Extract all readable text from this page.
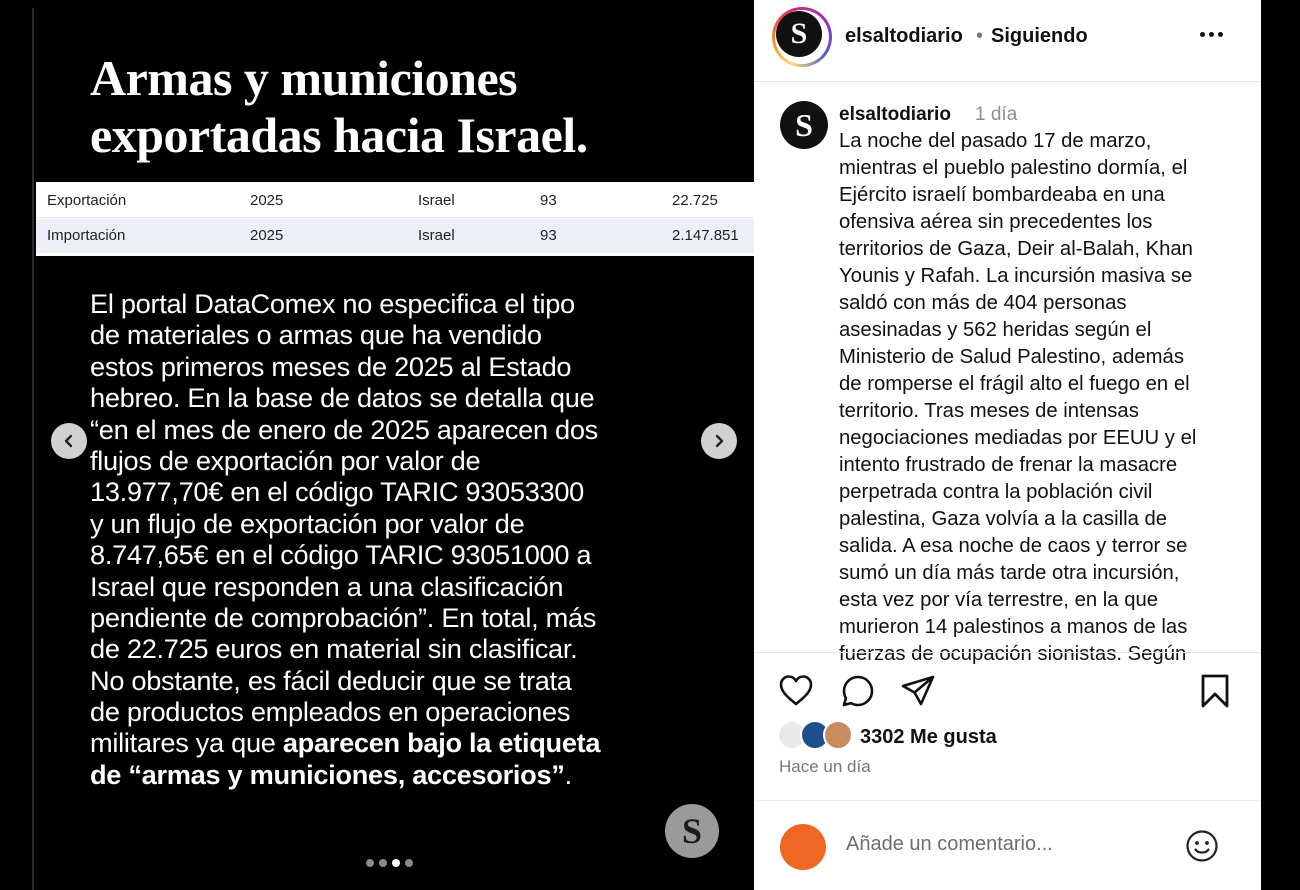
Armas y municiones exportadas hacia Israel.
Exportación	2025	Israel	93	22.725
Importación	2025	Israel	93	2.147.851
El portal DataComex no especifica el tipo
de materiales o armas que ha vendido
estos primeros meses de 2025 al Estado
hebreo. En la base de datos se detalla que
“en el mes de enero de 2025 aparecen dos
flujos de exportación por valor de
13.977,70€ en el código TARIC 93053300
y un flujo de exportación por valor de
8.747,65€ en el código TARIC 93051000 a
Israel que responden a una clasificación
pendiente de comprobación”. En total, más
de 22.725 euros en material sin clasificar.
No obstante, es fácil deducir que se trata
de productos empleados en operaciones
militares ya que aparecen bajo la etiqueta
de “armas y municiones, accesorios”.
S
S elsaltodiario • Siguiendo
S elsaltodiario 1 día
La noche del pasado 17 de marzo,
mientras el pueblo palestino dormía, el
Ejército israelí bombardeaba en una
ofensiva aérea sin precedentes los
territorios de Gaza, Deir al-Balah, Khan
Younis y Rafah. La incursión masiva se
saldó con más de 404 personas
asesinadas y 562 heridas según el
Ministerio de Salud Palestino, además
de romperse el frágil alto el fuego en el
territorio. Tras meses de intensas
negociaciones mediadas por EEUU y el
intento frustrado de frenar la masacre
perpetrada contra la población civil
palestina, Gaza volvía a la casilla de
salida. A esa noche de caos y terror se
sumó un día más tarde otra incursión,
esta vez por vía terrestre, en la que
murieron 14 palestinos a manos de las
fuerzas de ocupación sionistas. Según
3302 Me gusta
Hace un día

Añade un comentario...
